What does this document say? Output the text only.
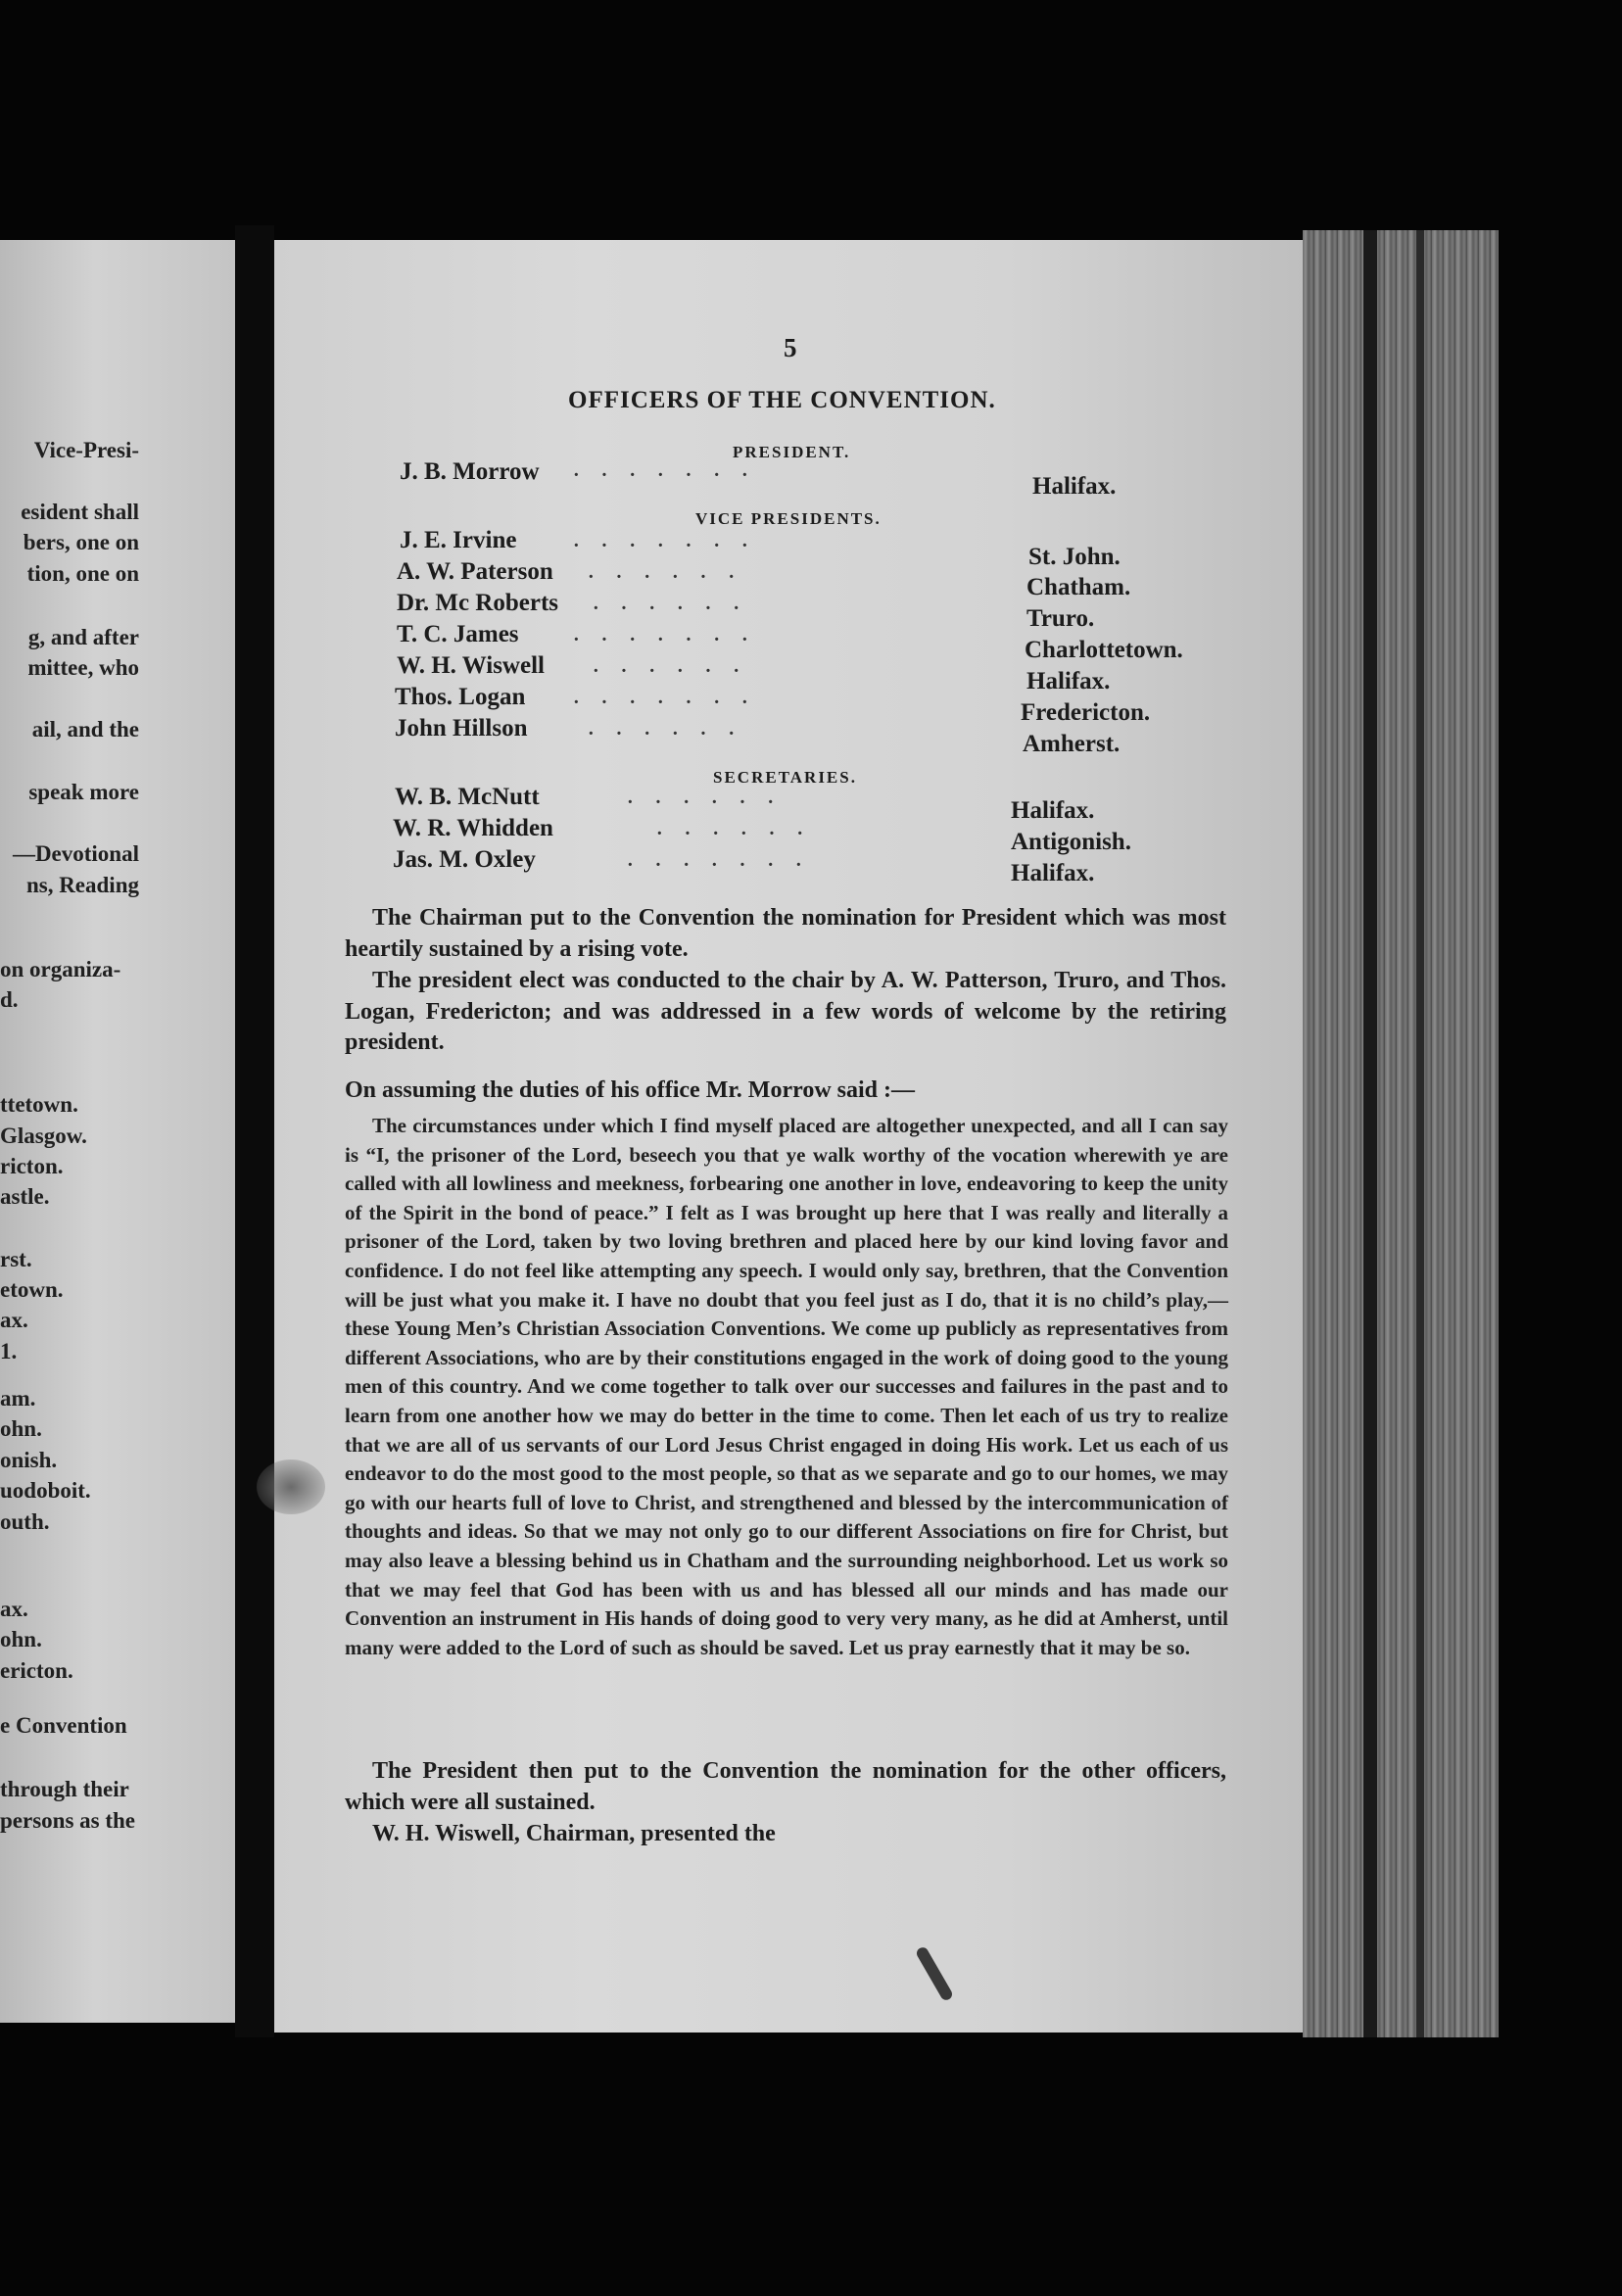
Vice-Presi-
esident shall
bers, one on
tion, one on
g, and after
mittee, who
ail, and the
speak more
—Devotional
ns, Reading
on organiza-
d.
ttetown.
Glasgow.
ricton.
astle.
rst.
etown.
ax.
1.
am.
ohn.
onish.
uodoboit.
outh.
ax.
ohn.
ericton.
e Convention
through their
persons as the
5
OFFICERS OF THE CONVENTION.
PRESIDENT.
J. B. Morrow ·······	Halifax.
VICE PRESIDENTS.
J. E. Irvine	·······	St. John.
A. W. Paterson ······	Chatham.
Dr. Mc Roberts ······	Truro.
T. C. James	·······	Charlottetown.
W. H. Wiswell ······	Halifax.
Thos. Logan ·······	Fredericton.
John Hillson	······	Amherst.
SECRETARIES.
W. B. McNutt	······	Halifax.
W. R. Whidden	······	Antigonish.
Jas. M. Oxley	·······	Halifax.
The Chairman put to the Convention the nomination for President which was most heartily sustained by a rising vote.
The president elect was conducted to the chair by A. W. Patterson, Truro, and Thos. Logan, Fredericton; and was addressed in a few words of welcome by the retiring president.
On assuming the duties of his office Mr. Morrow said :—
The circumstances under which I find myself placed are altogether unexpected, and all I can say is “I, the prisoner of the Lord, beseech you that ye walk worthy of the vocation wherewith ye are called with all lowliness and meekness, forbearing one another in love, endeavoring to keep the unity of the Spirit in the bond of peace.” I felt as I was brought up here that I was really and literally a prisoner of the Lord, taken by two loving brethren and placed here by our kind loving favor and confidence. I do not feel like attempting any speech. I would only say, brethren, that the Convention will be just what you make it. I have no doubt that you feel just as I do, that it is no child’s play,—these Young Men’s Christian Association Conventions. We come up publicly as representatives from different Associations, who are by their constitutions engaged in the work of doing good to the young men of this country. And we come together to talk over our successes and failures in the past and to learn from one another how we may do better in the time to come. Then let each of us try to realize that we are all of us servants of our Lord Jesus Christ engaged in doing His work. Let us each of us endeavor to do the most good to the most people, so that as we separate and go to our homes, we may go with our hearts full of love to Christ, and strengthened and blessed by the intercommunication of thoughts and ideas. So that we may not only go to our different Associations on fire for Christ, but may also leave a blessing behind us in Chatham and the surrounding neighborhood. Let us work so that we may feel that God has been with us and has blessed all our minds and has made our Convention an instrument in His hands of doing good to very very many, as he did at Amherst, until many were added to the Lord of such as should be saved. Let us pray earnestly that it may be so.
The President then put to the Convention the nomination for the other officers, which were all sustained.
W. H. Wiswell, Chairman, presented the
